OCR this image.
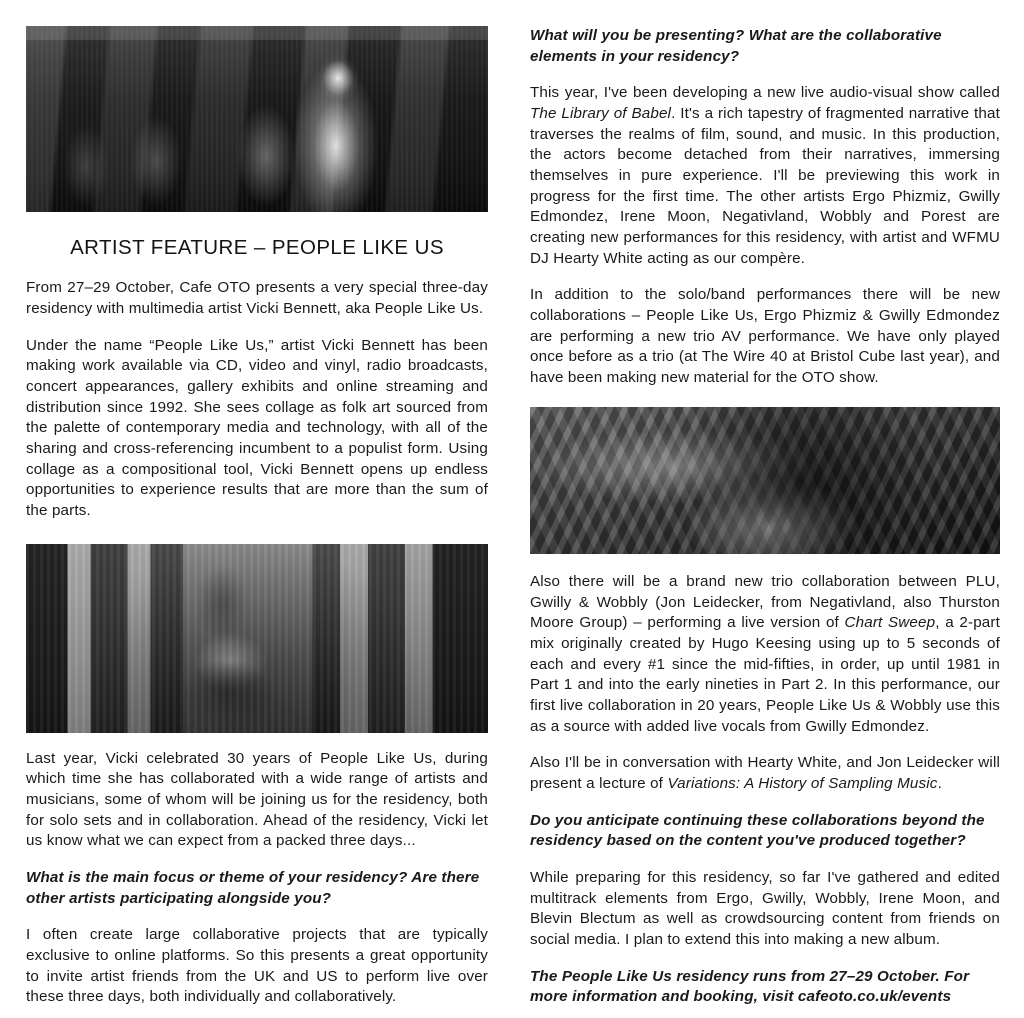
ARTIST FEATURE – PEOPLE LIKE US

From 27–29 October, Cafe OTO presents a very special three-day residency with multimedia artist Vicki Bennett, aka People Like Us.

Under the name “People Like Us,” artist Vicki Bennett has been making work available via CD, video and vinyl, radio broadcasts, concert appearances, gallery exhibits and online streaming and distribution since 1992. She sees collage as folk art sourced from the palette of contemporary media and technology, with all of the sharing and cross-referencing incumbent to a populist form. Using collage as a compositional tool, Vicki Bennett opens up endless opportunities to experience results that are more than the sum of the parts.

Last year, Vicki celebrated 30 years of People Like Us, during which time she has collaborated with a wide range of artists and musicians, some of whom will be joining us for the residency, both for solo sets and in collaboration. Ahead of the residency, Vicki let us know what we can expect from a packed three days...

What is the main focus or theme of your residency? Are there other artists participating alongside you?

I often create large collaborative projects that are typically exclusive to online platforms. So this presents a great opportunity to invite artist friends from the UK and US to perform live over these three days, both individually and collaboratively.

What will you be presenting? What are the collaborative elements in your residency?

This year, I've been developing a new live audio-visual show called The Library of Babel. It's a rich tapestry of fragmented narrative that traverses the realms of film, sound, and music. In this production, the actors become detached from their narratives, immersing themselves in pure experience. I'll be previewing this work in progress for the first time. The other artists Ergo Phizmiz, Gwilly Edmondez, Irene Moon, Negativland, Wobbly and Porest are creating new performances for this residency, with artist and WFMU DJ Hearty White acting as our compère.

In addition to the solo/band performances there will be new collaborations – People Like Us, Ergo Phizmiz & Gwilly Edmondez are performing a new trio AV performance. We have only played once before as a trio (at The Wire 40 at Bristol Cube last year), and have been making new material for the OTO show.

Also there will be a brand new trio collaboration between PLU, Gwilly & Wobbly (Jon Leidecker, from Negativland, also Thurston Moore Group) – performing a live version of Chart Sweep, a 2-part mix originally created by Hugo Keesing using up to 5 seconds of each and every #1 since the mid-fifties, in order, up until 1981 in Part 1 and into the early nineties in Part 2. In this performance, our first live collaboration in 20 years, People Like Us & Wobbly use this as a source with added live vocals from Gwilly Edmondez.

Also I'll be in conversation with Hearty White, and Jon Leidecker will present a lecture of Variations: A History of Sampling Music.

Do you anticipate continuing these collaborations beyond the residency based on the content you've produced together?

While preparing for this residency, so far I've gathered and edited multitrack elements from Ergo, Gwilly, Wobbly, Irene Moon, and Blevin Blectum as well as crowdsourcing content from friends on social media. I plan to extend this into making a new album.

The People Like Us residency runs from 27–29 October. For more information and booking, visit cafeoto.co.uk/events
